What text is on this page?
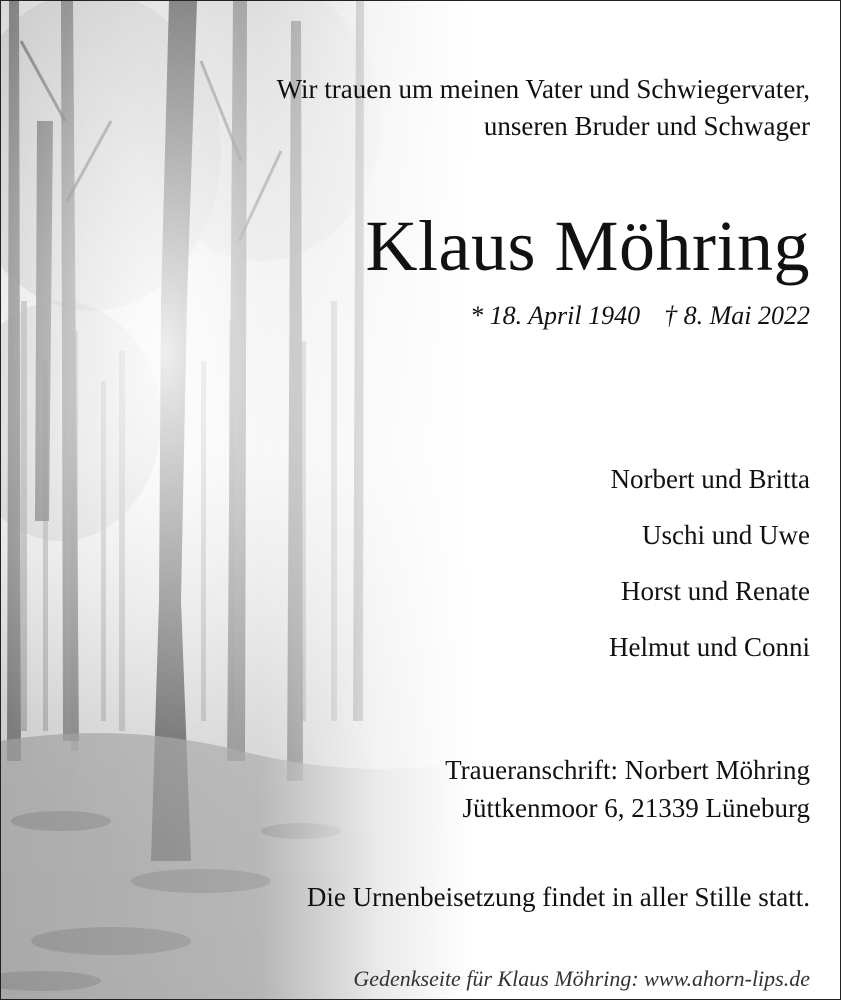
Wir trauen um meinen Vater und Schwiegervater,
unseren Bruder und Schwager
Klaus Möhring
* 18. April 1940 † 8. Mai 2022
Norbert und Britta
Uschi und Uwe
Horst und Renate
Helmut und Conni
Traueranschrift: Norbert Möhring
Jüttkenmoor 6, 21339 Lüneburg
Die Urnenbeisetzung findet in aller Stille statt.
Gedenkseite für Klaus Möhring: www.ahorn-lips.de
